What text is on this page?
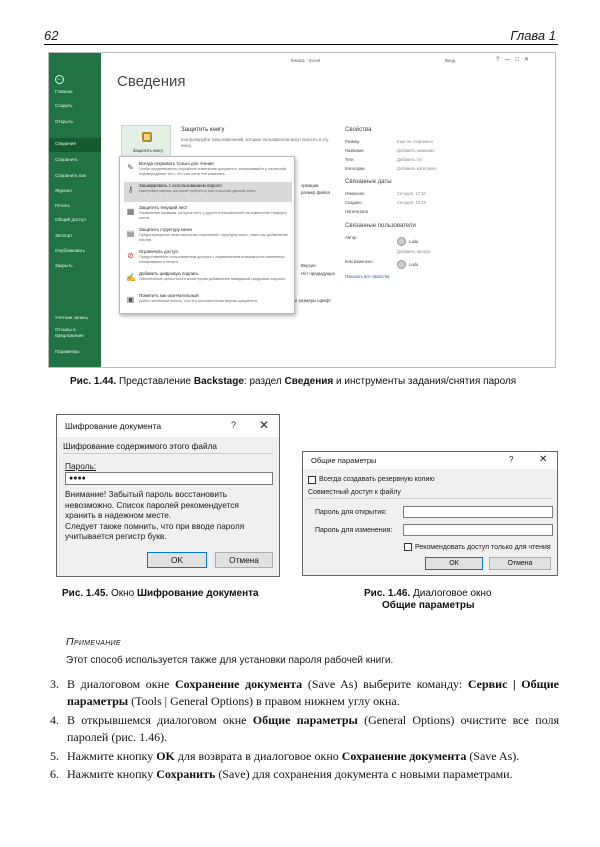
62	Глава 1
←
Главная
Создать
Открыть
Сведения
Сохранить
Сохранить как
Журнал
Печать
Общий доступ
Экспорт
Опубликовать
Закрыть
Учетная запись
Отзывы и предложения
Параметры
Книга1 - Excel	Вход	?   —   □   ✕
Сведения
Защитить книгу
Защитить книгу
Контролируйте типы изменений, которые пользователи могут вносить в эту книгу.
ормации
размер файла
Версии
Нет предыдущих
е размеры шрифт
✎ Всегда открывать только для чтения
Чтобы предотвратить случайное изменение документа, запрашивайте у читателей подтверждение того, что они хотят его изменить.
⚷	Зашифровать с использованием пароля
Настройка пароля, который требуется для открытия данной книги.
▦ Защитить текущий лист
Управление правами, которые есть у других пользователей на изменение текущего листа.
▤ Защитить структуру книги
Предотвращение нежелательных изменений структуры книги, таких как добавление листов.
⊘ Ограничить доступ
Предоставление пользователям доступа с ограничением возможности изменения, копирования и печати.
✍ Добавить цифровую подпись
Обеспечение целостности книги путем добавления невидимой цифровой подписи.
▣ Пометить как окончательный
Дайте читателям понять, что это окончательная версия документа.
Свойства
Размер	Еще не сохранено
Название	Добавить название
Теги	Добавить тег
Категории	Добавить категорию
Связанные даты
Изменено	Сегодня, 17:10
Создано	Сегодня, 16:19
Напечатано
Связанные пользователи
Автор
Lada
Добавить автора
Кем изменено
Lada
Показать все свойства
Рис. 1.44. Представление Backstage: раздел Сведения и инструменты задания/снятия пароля
Шифрование документа	? ✕
Шифрование содержимого этого файла
Пароль:
●●●●
Внимание! Забытый пароль восстановить
невозможно. Список паролей рекомендуется
хранить в надежном месте.
Следует также помнить, что при вводе пароля
учитывается регистр букв.
OK	Отмена
Рис. 1.45. Окно Шифрование документа
Общие параметры	?	✕
Всегда создавать резервную копию
Совместный доступ к файлу
Пароль для открытия:
Пароль для изменения:
Рекомендовать доступ только для чтения
ОК	Отмена
Рис. 1.46. Диалоговое окно
Общие параметры
Примечание
Этот способ используется также для установки пароля рабочей книги.
3. В диалоговом окне Сохранение документа (Save As) выберите команду: Сервис | Общие параметры (Tools | General Options) в правом нижнем углу окна.
4. В открывшемся диалоговом окне Общие параметры (General Options) очистите все поля паролей (рис. 1.46).
5. Нажмите кнопку OK для возврата в диалоговое окно Сохранение документа (Save As).
6. Нажмите кнопку Сохранить (Save) для сохранения документа с новыми параметрами.
